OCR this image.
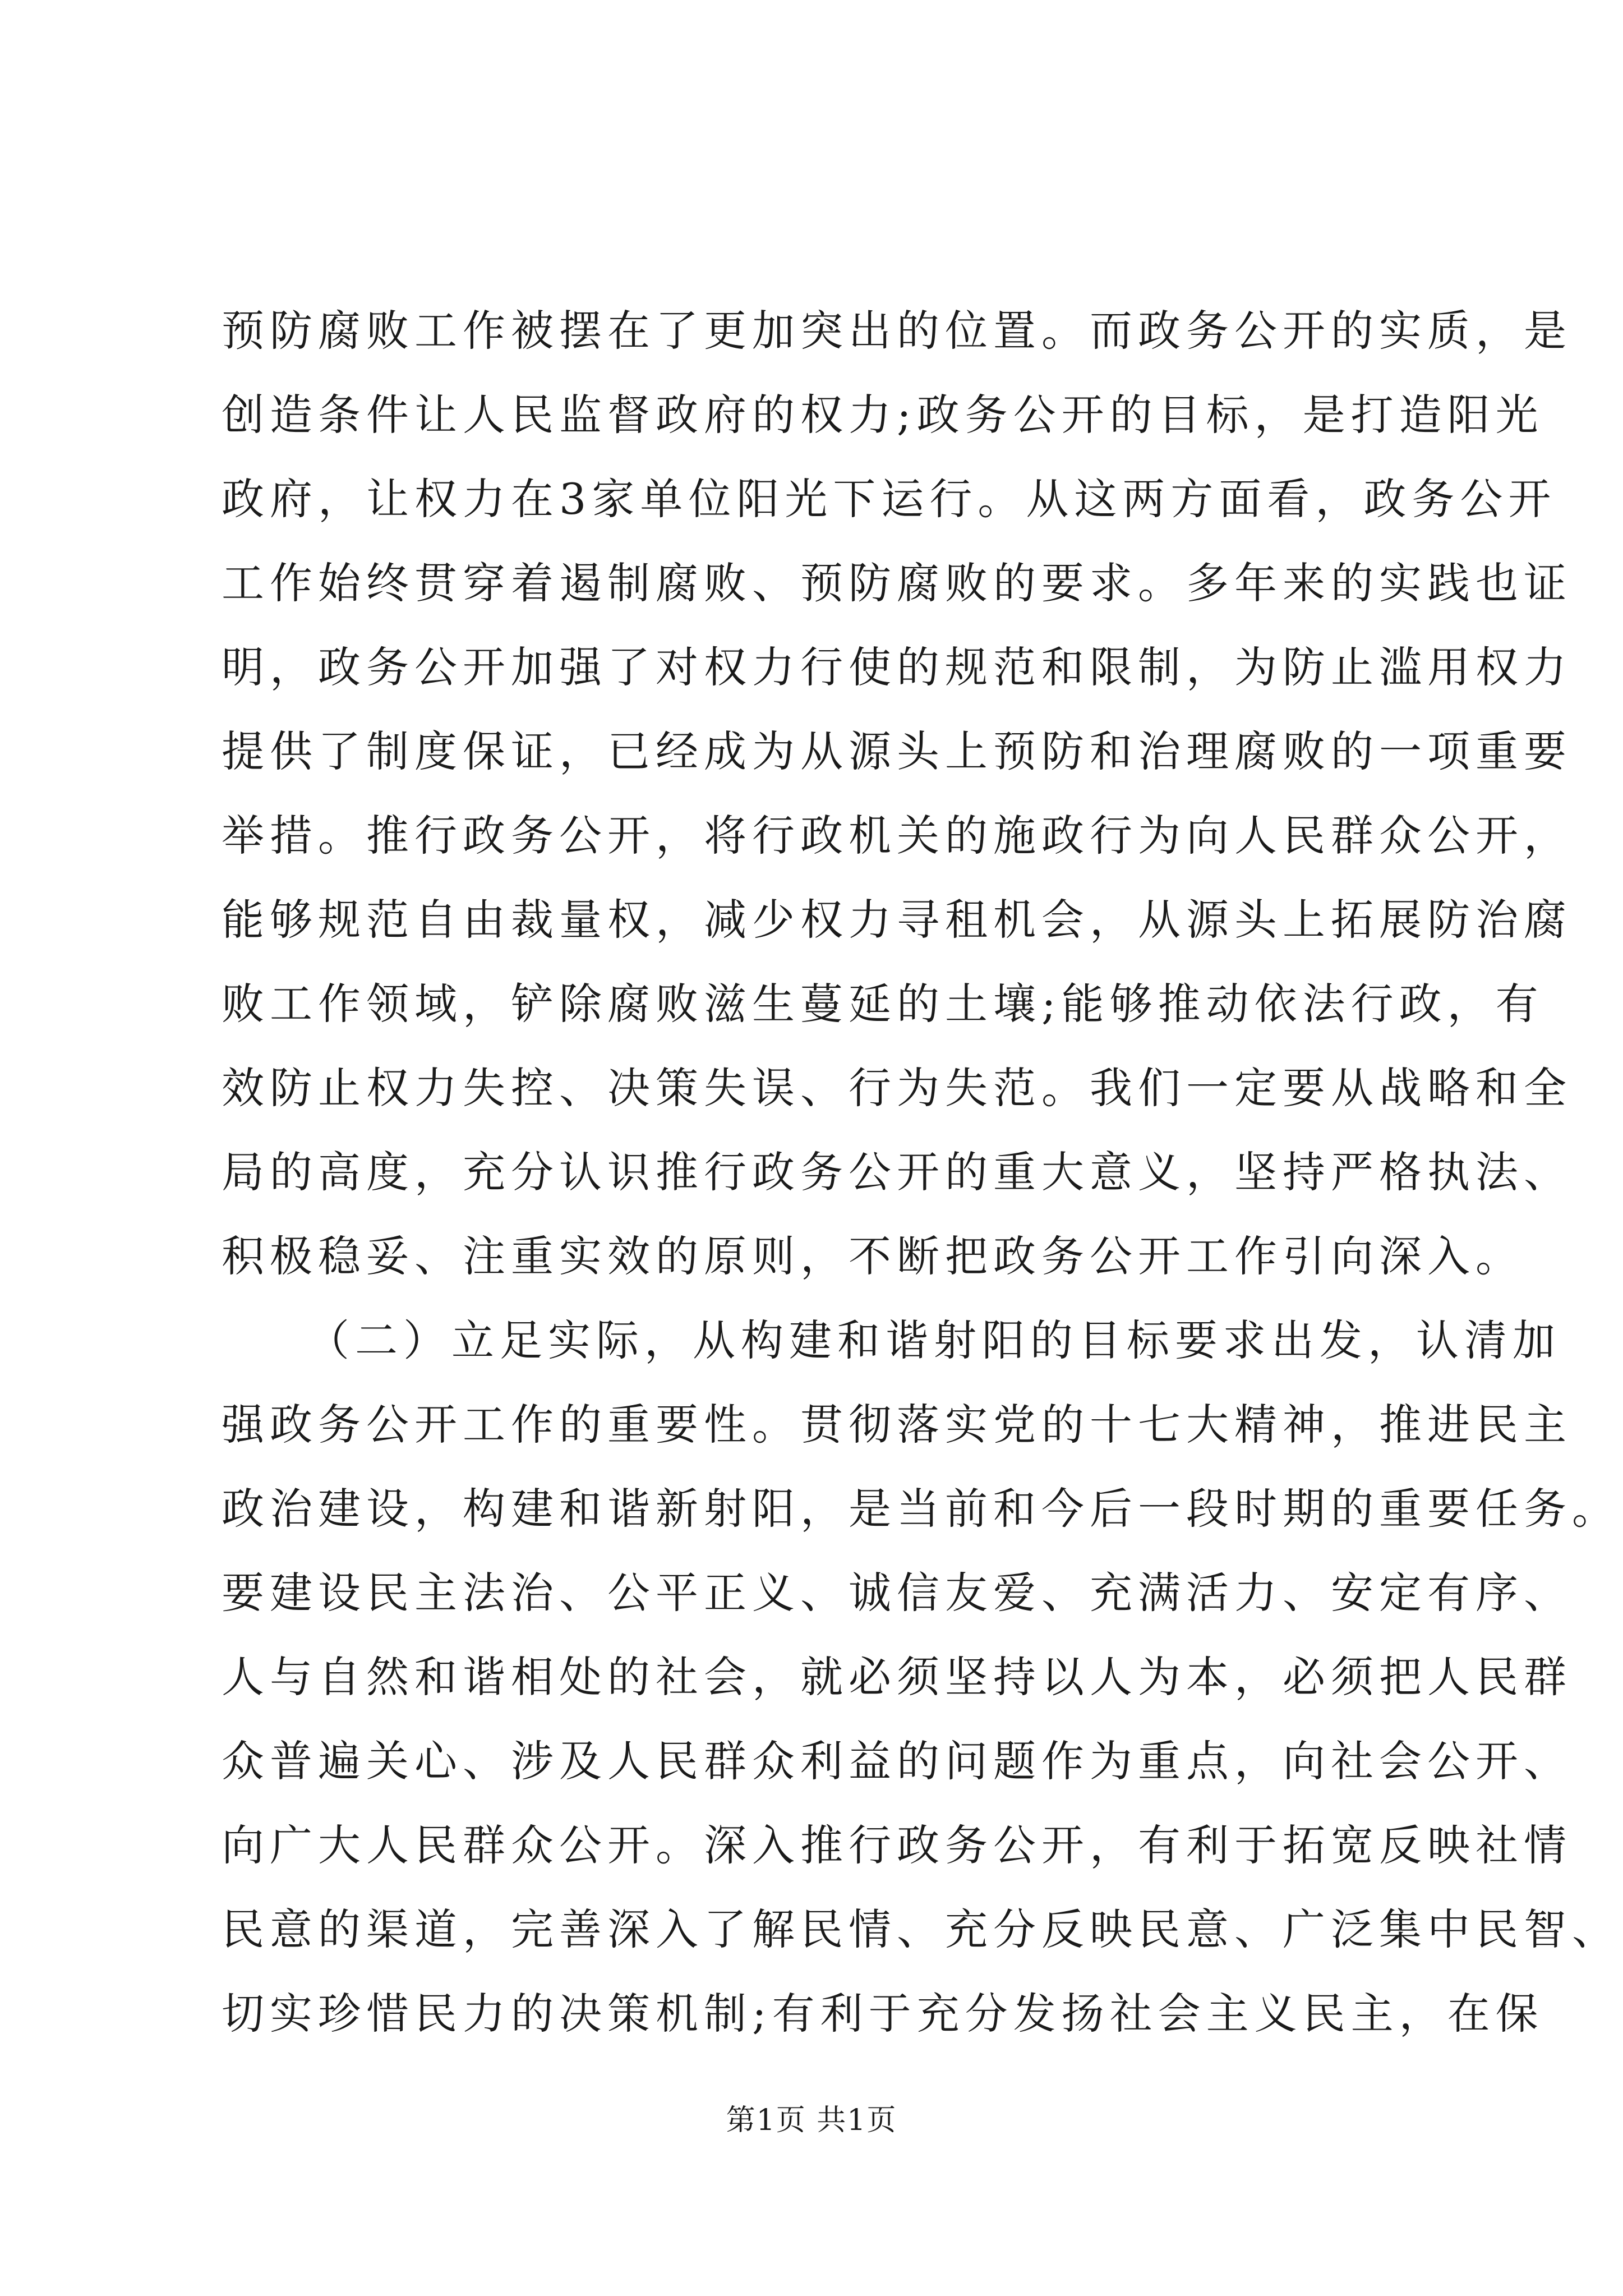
预防腐败工作被摆在了更加突出的位置。而政务公开的实质，是
创造条件让人民监督政府的权力;政务公开的目标，是打造阳光
政府，让权力在3家单位阳光下运行。从这两方面看，政务公开
工作始终贯穿着遏制腐败、预防腐败的要求。多年来的实践也证
明，政务公开加强了对权力行使的规范和限制，为防止滥用权力
提供了制度保证，已经成为从源头上预防和治理腐败的一项重要
举措。推行政务公开，将行政机关的施政行为向人民群众公开，
能够规范自由裁量权，减少权力寻租机会，从源头上拓展防治腐
败工作领域，铲除腐败滋生蔓延的土壤;能够推动依法行政，有
效防止权力失控、决策失误、行为失范。我们一定要从战略和全
局的高度，充分认识推行政务公开的重大意义，坚持严格执法、
积极稳妥、注重实效的原则，不断把政务公开工作引向深入。
（二）立足实际，从构建和谐射阳的目标要求出发，认清加
强政务公开工作的重要性。贯彻落实党的十七大精神，推进民主
政治建设，构建和谐新射阳，是当前和今后一段时期的重要任务。
要建设民主法治、公平正义、诚信友爱、充满活力、安定有序、
人与自然和谐相处的社会，就必须坚持以人为本，必须把人民群
众普遍关心、涉及人民群众利益的问题作为重点，向社会公开、
向广大人民群众公开。深入推行政务公开，有利于拓宽反映社情
民意的渠道，完善深入了解民情、充分反映民意、广泛集中民智、
切实珍惜民力的决策机制;有利于充分发扬社会主义民主，在保
第1页 共1页
